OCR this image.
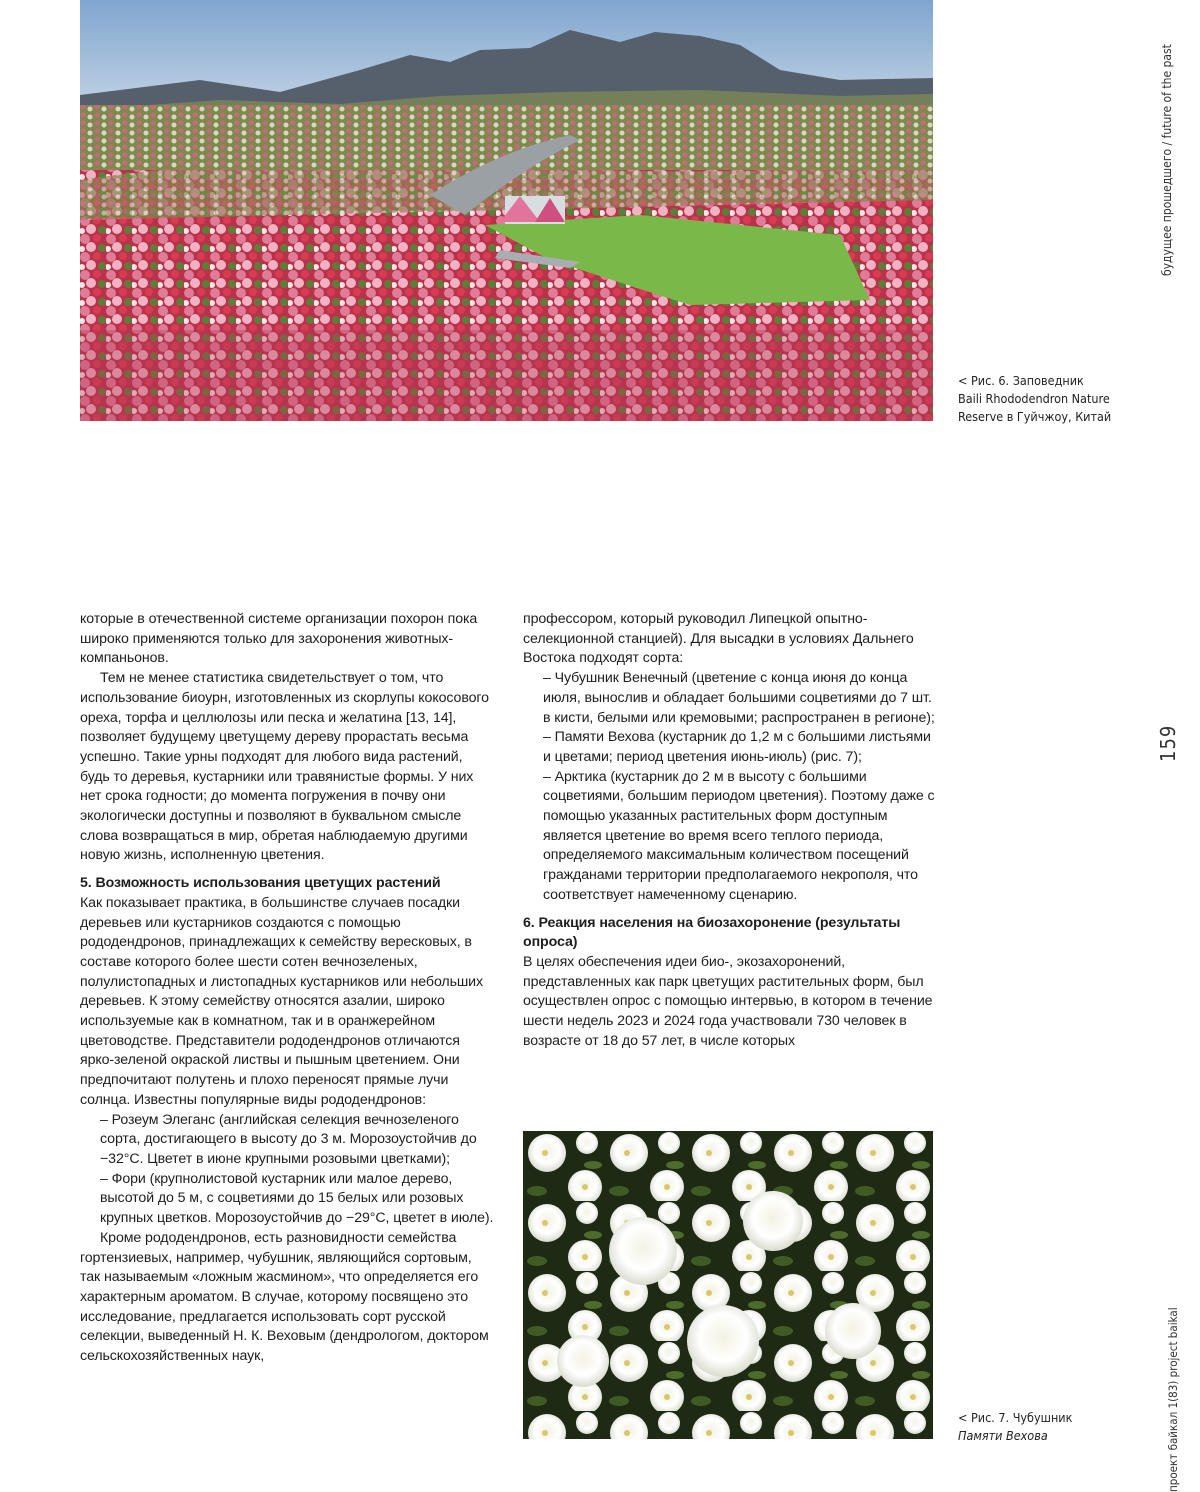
< Рис. 6. Заповедник
Baili Rhododendron Nature
Reserve в Гуйчжоу, Китай

которые в отечественной системе организации похорон пока широко применяются только для захоронения животных-компаньонов.

Тем не менее статистика свидетельствует о том, что использование биоурн, изготовленных из скорлупы кокосового ореха, торфа и целлюлозы или песка и желатина [13, 14], позволяет будущему цветущему дереву прорастать весьма успешно. Такие урны подходят для любого вида растений, будь то деревья, кустарники или травянистые формы. У них нет срока годности; до момента погружения в почву они экологически доступны и позволяют в буквальном смысле слова возвращаться в мир, обретая наблюдаемую другими новую жизнь, исполненную цветения.

5. Возможность использования цветущих растений

Как показывает практика, в большинстве случаев посадки деревьев или кустарников создаются с помощью рододендронов, принадлежащих к семейству вересковых, в составе которого более шести сотен вечнозеленых, полулистопадных и листопадных кустарников или небольших деревьев. К этому семейству относятся азалии, широко используемые как в комнатном, так и в оранжерейном цветоводстве. Представители рододендронов отличаются ярко-зеленой окраской листвы и пышным цветением. Они предпочитают полутень и плохо переносят прямые лучи солнца. Известны популярные виды рододендронов:

– Розеум Элеганс (английская селекция вечнозеленого сорта, достигающего в высоту до 3 м. Морозоустойчив до −32°C. Цветет в июне крупными розовыми цветками);

– Фори (крупнолистовой кустарник или малое дерево, высотой до 5 м, с соцветиями до 15 белых или розовых крупных цветков. Морозоустойчив до −29°C, цветет в июле).

Кроме рододендронов, есть разновидности семейства гортензиевых, например, чубушник, являющийся сортовым, так называемым «ложным жасмином», что определяется его характерным ароматом. В случае, которому посвящено это исследование, предлагается использовать сорт русской селекции, выведенный Н. К. Веховым (дендрологом, доктором сельскохозяйственных наук,

профессором, который руководил Липецкой опытно-селекционной станцией). Для высадки в условиях Дальнего Востока подходят сорта:

– Чубушник Венечный (цветение с конца июня до конца июля, вынослив и обладает большими соцветиями до 7 шт. в кисти, белыми или кремовыми; распространен в регионе);

– Памяти Вехова (кустарник до 1,2 м с большими листьями и цветами; период цветения июнь-июль) (рис. 7);

– Арктика (кустарник до 2 м в высоту с большими соцветиями, большим периодом цветения). Поэтому даже с помощью указанных растительных форм доступным является цветение во время всего теплого периода, определяемого максимальным количеством посещений гражданами территории предполагаемого некрополя, что соответствует намеченному сценарию.

6. Реакция населения на биозахоронение (результаты опроса)

В целях обеспечения идеи био-, экозахоронений, представленных как парк цветущих растительных форм, был осуществлен опрос с помощью интервью, в котором в течение шести недель 2023 и 2024 года участвовали 730 человек в возрасте от 18 до 57 лет, в числе которых

< Рис. 7. Чубушник
Памяти Вехова
будущее прошедшего / future of the past
159
проект байкал 1(83) project baikal
